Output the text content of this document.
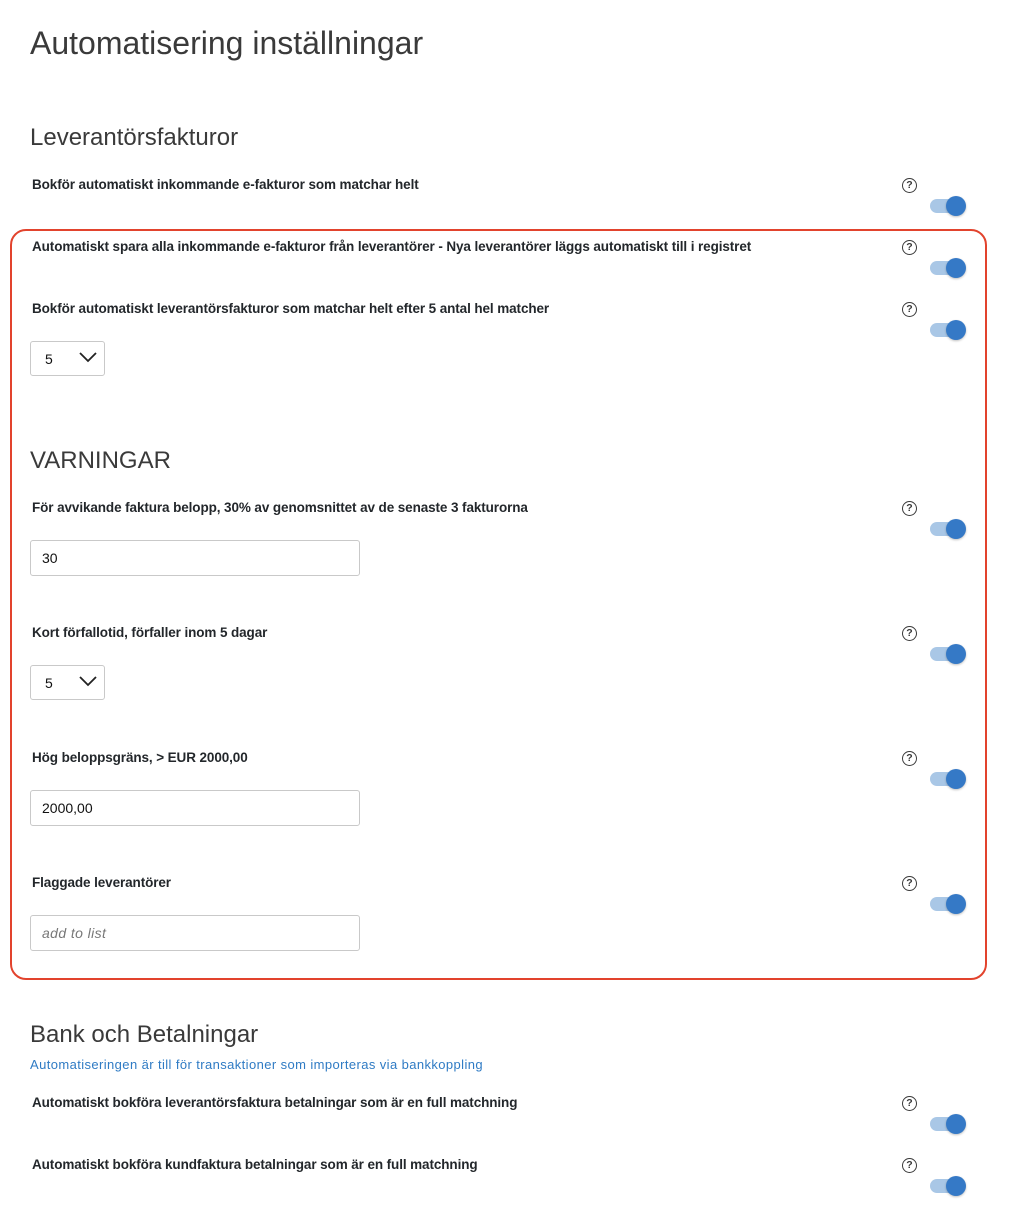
Automatisering inställningar
Leverantörsfakturor
Bokför automatiskt inkommande e-fakturor som matchar helt	?
Automatiskt spara alla inkommande e-fakturor från leverantörer - Nya leverantörer läggs automatiskt till i registret	?
Bokför automatiskt leverantörsfakturor som matchar helt efter 5 antal hel matcher	?
5
VARNINGAR
För avvikande faktura belopp, 30% av genomsnittet av de senaste 3 fakturorna	?
30
Kort förfallotid, förfaller inom 5 dagar	?
5
Hög beloppsgräns, > EUR 2000,00	?
2000,00
Flaggade leverantörer	?
add to list
Bank och Betalningar
Automatiseringen är till för transaktioner som importeras via bankkoppling
Automatiskt bokföra leverantörsfaktura betalningar som är en full matchning	?
Automatiskt bokföra kundfaktura betalningar som är en full matchning	?
